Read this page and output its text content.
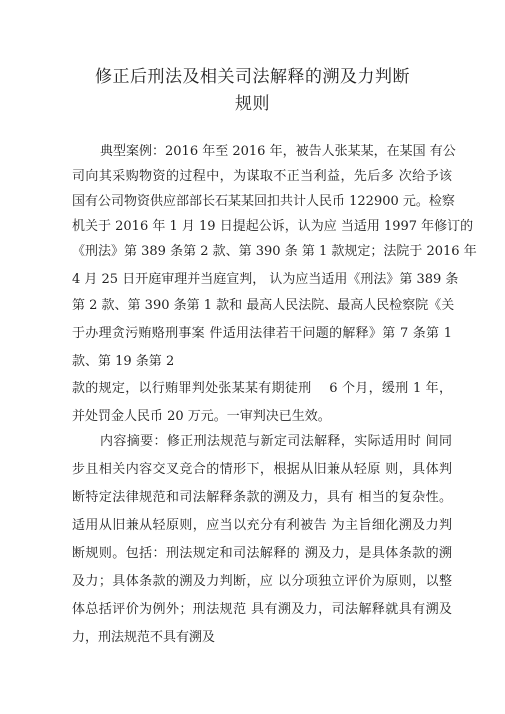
修正后刑法及相关司法解释的溯及力判断
规则
典型案例：2016 年至 2016 年，被告人张某某，在某国 有公
司向其采购物资的过程中，为谋取不正当利益，先后多 次给予该
国有公司物资供应部部长石某某回扣共计人民币 122900 元。检察
机关于 2016 年 1 月 19 日提起公诉，认为应 当适用 1997 年修订的
《刑法》第 389 条第 2 款、第 390 条 第 1 款规定；法院于 2016 年
4 月 25 日开庭审理并当庭宣判， 认为应当适用《刑法》第 389 条
第 2 款、第 390 条第 1 款和 最高人民法院、最高人民检察院《关
于办理贪污贿赂刑事案 件适用法律若干问题的解释》第 7 条第 1
款、第 19 条第 2
款的规定，以行贿罪判处张某某有期徒刑　 6 个月，缓刑 1 年，
并处罚金人民币 20 万元。一审判决已生效。
内容摘要：修正刑法规范与新定司法解释，实际适用时 间同
步且相关内容交叉竞合的情形下，根据从旧兼从轻原 则，具体判
断特定法律规范和司法解释条款的溯及力，具有 相当的复杂性。
适用从旧兼从轻原则，应当以充分有利被告 为主旨细化溯及力判
断规则。包括：刑法规定和司法解释的 溯及力，是具体条款的溯
及力；具体条款的溯及力判断，应 以分项独立评价为原则，以整
体总括评价为例外；刑法规范 具有溯及力，司法解释就具有溯及
力，刑法规范不具有溯及
